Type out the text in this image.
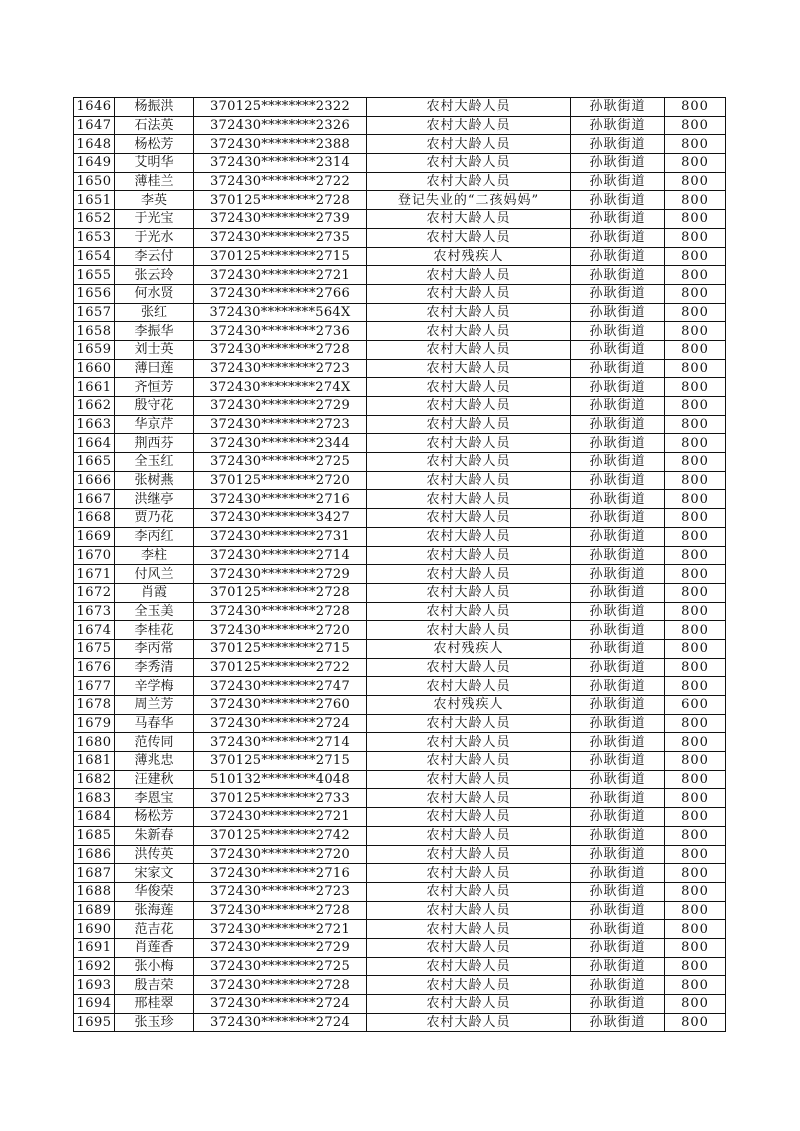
1646	杨振洪	370125********2322	农村大龄人员	孙耿街道	800
1647	石法英	372430********2326	农村大龄人员	孙耿街道	800
1648	杨松芳	372430********2388	农村大龄人员	孙耿街道	800
1649	艾明华	372430********2314	农村大龄人员	孙耿街道	800
1650	薄桂兰	372430********2722	农村大龄人员	孙耿街道	800
1651	李英	370125********2728	登记失业的“二孩妈妈”	孙耿街道	800
1652	于光宝	372430********2739	农村大龄人员	孙耿街道	800
1653	于光水	372430********2735	农村大龄人员	孙耿街道	800
1654	李云付	370125********2715	农村残疾人	孙耿街道	800
1655	张云玲	372430********2721	农村大龄人员	孙耿街道	800
1656	何水贤	372430********2766	农村大龄人员	孙耿街道	800
1657	张红	372430********564X	农村大龄人员	孙耿街道	800
1658	李振华	372430********2736	农村大龄人员	孙耿街道	800
1659	刘士英	372430********2728	农村大龄人员	孙耿街道	800
1660	薄曰莲	372430********2723	农村大龄人员	孙耿街道	800
1661	齐恒芳	372430********274X	农村大龄人员	孙耿街道	800
1662	殷守花	372430********2729	农村大龄人员	孙耿街道	800
1663	华京芹	372430********2723	农村大龄人员	孙耿街道	800
1664	荆西芬	372430********2344	农村大龄人员	孙耿街道	800
1665	全玉红	372430********2725	农村大龄人员	孙耿街道	800
1666	张树燕	370125********2720	农村大龄人员	孙耿街道	800
1667	洪继亭	372430********2716	农村大龄人员	孙耿街道	800
1668	贾乃花	372430********3427	农村大龄人员	孙耿街道	800
1669	李丙红	372430********2731	农村大龄人员	孙耿街道	800
1670	李柱	372430********2714	农村大龄人员	孙耿街道	800
1671	付风兰	372430********2729	农村大龄人员	孙耿街道	800
1672	肖霞	370125********2728	农村大龄人员	孙耿街道	800
1673	全玉美	372430********2728	农村大龄人员	孙耿街道	800
1674	李桂花	372430********2720	农村大龄人员	孙耿街道	800
1675	李丙常	370125********2715	农村残疾人	孙耿街道	800
1676	李秀清	370125********2722	农村大龄人员	孙耿街道	800
1677	辛学梅	372430********2747	农村大龄人员	孙耿街道	800
1678	周兰芳	372430********2760	农村残疾人	孙耿街道	600
1679	马春华	372430********2724	农村大龄人员	孙耿街道	800
1680	范传同	372430********2714	农村大龄人员	孙耿街道	800
1681	薄兆忠	370125********2715	农村大龄人员	孙耿街道	800
1682	汪建秋	510132********4048	农村大龄人员	孙耿街道	800
1683	李恩宝	370125********2733	农村大龄人员	孙耿街道	800
1684	杨松芳	372430********2721	农村大龄人员	孙耿街道	800
1685	朱新春	370125********2742	农村大龄人员	孙耿街道	800
1686	洪传英	372430********2720	农村大龄人员	孙耿街道	800
1687	宋家文	372430********2716	农村大龄人员	孙耿街道	800
1688	华俊荣	372430********2723	农村大龄人员	孙耿街道	800
1689	张海莲	372430********2728	农村大龄人员	孙耿街道	800
1690	范吉花	372430********2721	农村大龄人员	孙耿街道	800
1691	肖莲香	372430********2729	农村大龄人员	孙耿街道	800
1692	张小梅	372430********2725	农村大龄人员	孙耿街道	800
1693	殷吉荣	372430********2728	农村大龄人员	孙耿街道	800
1694	邢桂翠	372430********2724	农村大龄人员	孙耿街道	800
1695	张玉珍	372430********2724	农村大龄人员	孙耿街道	800
